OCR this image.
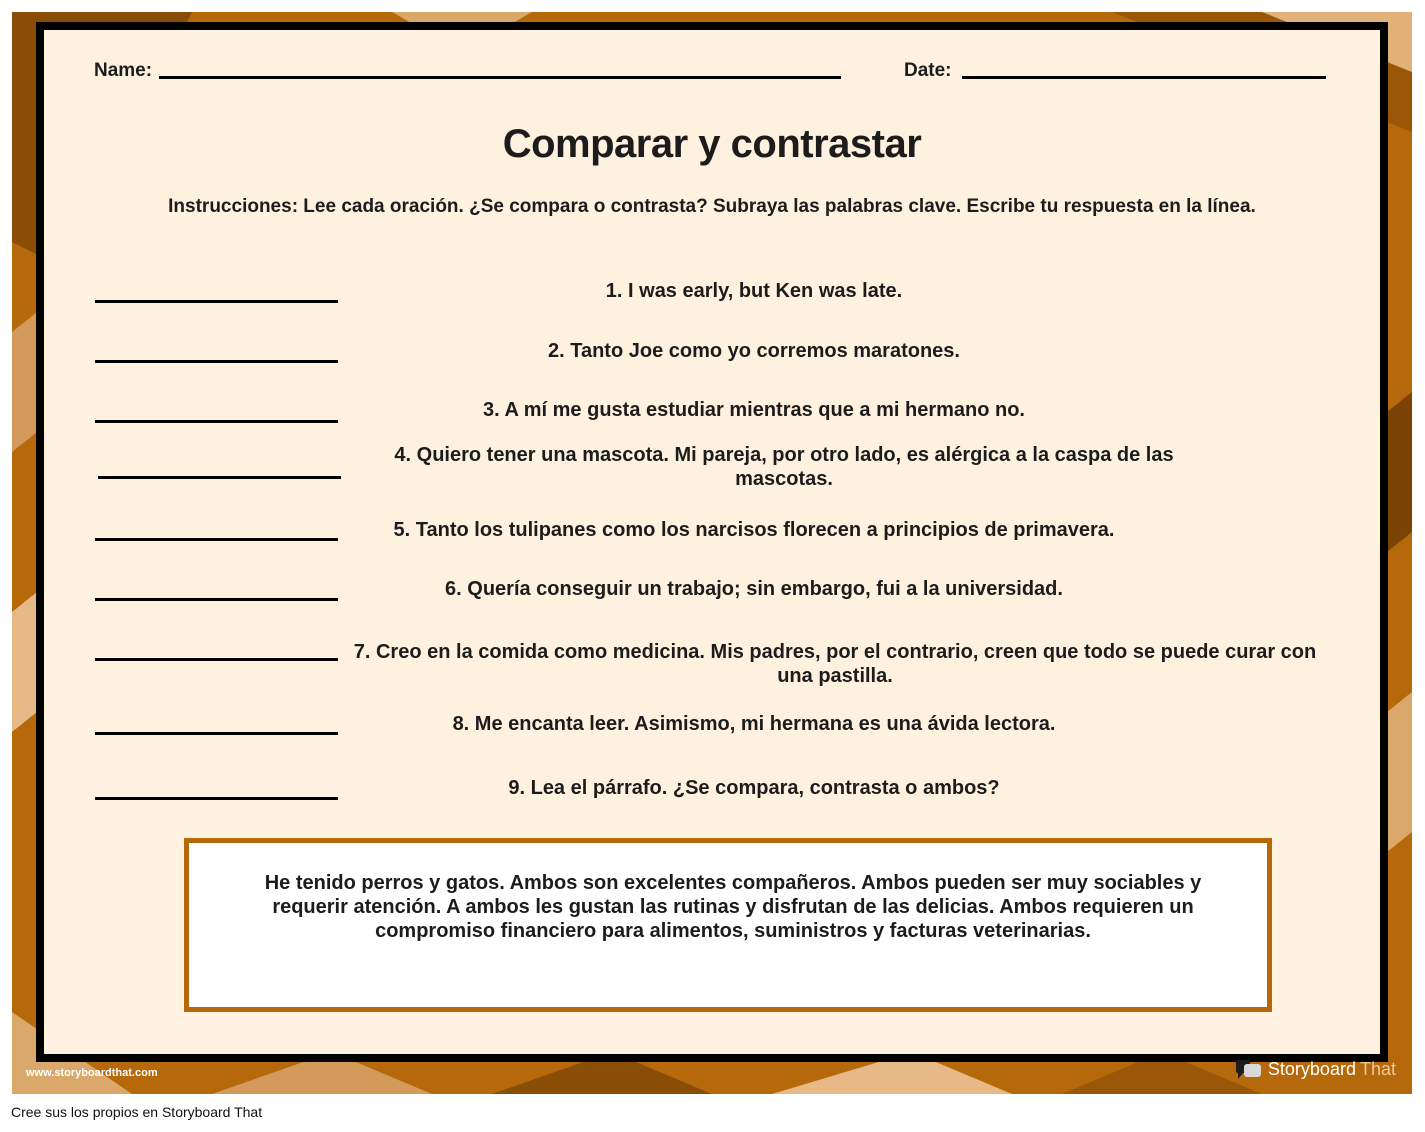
Name:	Date:
Comparar y contrastar
Instrucciones: Lee cada oración. ¿Se compara o contrasta? Subraya las palabras clave. Escribe tu respuesta en la línea.
1. I was early, but Ken was late.
2. Tanto Joe como yo corremos maratones.
3. A mí me gusta estudiar mientras que a mi hermano no.
4. Quiero tener una mascota. Mi pareja, por otro lado, es alérgica a la caspa de las mascotas.
5. Tanto los tulipanes como los narcisos florecen a principios de primavera.
6. Quería conseguir un trabajo; sin embargo, fui a la universidad.
7. Creo en la comida como medicina. Mis padres, por el contrario, creen que todo se puede curar con una pastilla.
8. Me encanta leer. Asimismo, mi hermana es una ávida lectora.
9. Lea el párrafo. ¿Se compara, contrasta o ambos?
He tenido perros y gatos. Ambos son excelentes compañeros. Ambos pueden ser muy sociables y requerir atención. A ambos les gustan las rutinas y disfrutan de las delicias. Ambos requieren un compromiso financiero para alimentos, suministros y facturas veterinarias.
www.storyboardthat.com	Storyboard That
Cree sus los propios en Storyboard That
